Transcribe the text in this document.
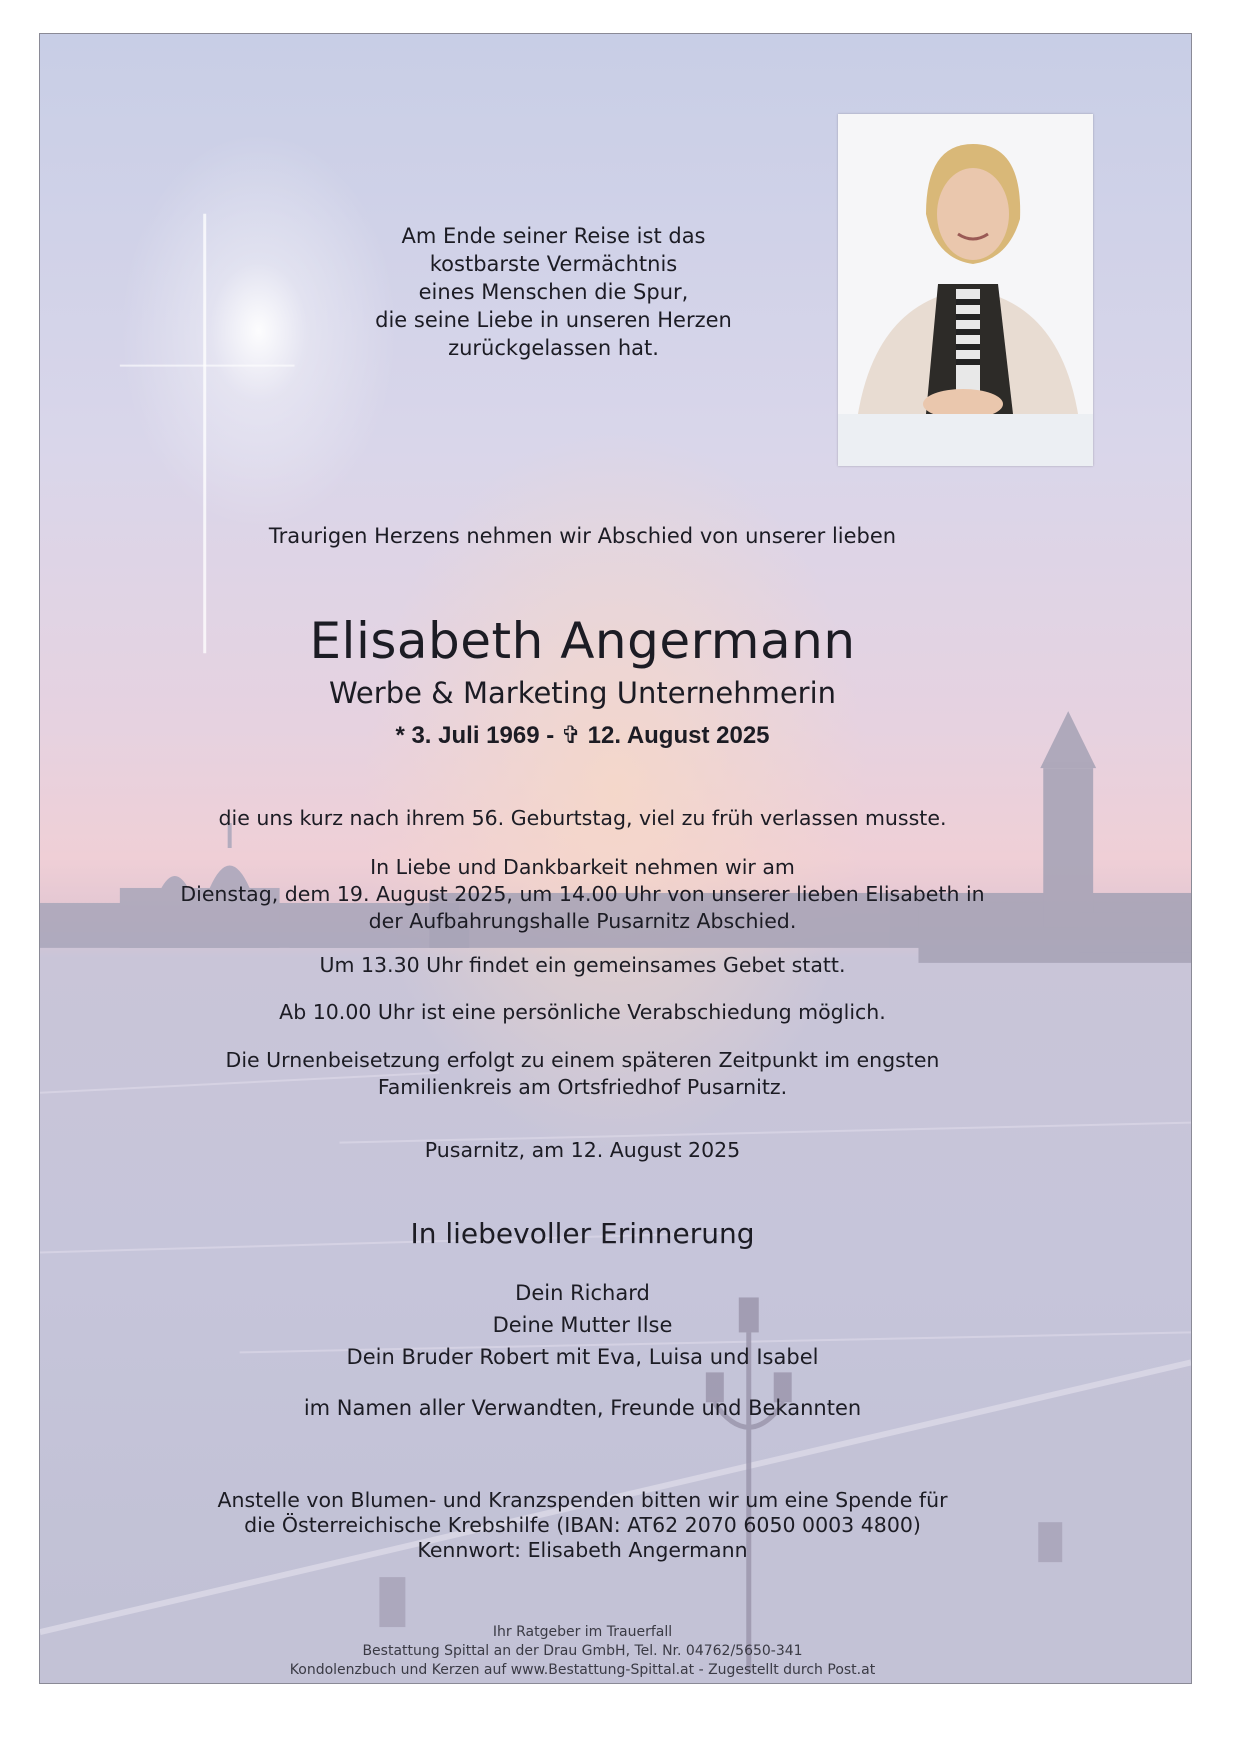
Am Ende seiner Reise ist das
kostbarste Vermächtnis
eines Menschen die Spur,
die seine Liebe in unseren Herzen
zurückgelassen hat.
Traurigen Herzens nehmen wir Abschied von unserer lieben
Elisabeth Angermann
Werbe & Marketing Unternehmerin
* 3. Juli 1969 - ✞ 12. August 2025
die uns kurz nach ihrem 56. Geburtstag, viel zu früh verlassen musste.
In Liebe und Dankbarkeit nehmen wir am
Dienstag, dem 19. August 2025, um 14.00 Uhr von unserer lieben Elisabeth in
der Aufbahrungshalle Pusarnitz Abschied.
Um 13.30 Uhr findet ein gemeinsames Gebet statt.
Ab 10.00 Uhr ist eine persönliche Verabschiedung möglich.
Die Urnenbeisetzung erfolgt zu einem späteren Zeitpunkt im engsten
Familienkreis am Ortsfriedhof Pusarnitz.
Pusarnitz, am 12. August 2025
In liebevoller Erinnerung
Dein Richard
Deine Mutter Ilse
Dein Bruder Robert mit Eva, Luisa und Isabel
im Namen aller Verwandten, Freunde und Bekannten
Anstelle von Blumen- und Kranzspenden bitten wir um eine Spende für
die Österreichische Krebshilfe (IBAN: AT62 2070 6050 0003 4800)
Kennwort: Elisabeth Angermann
Ihr Ratgeber im Trauerfall
Bestattung Spittal an der Drau GmbH, Tel. Nr. 04762/5650-341
Kondolenzbuch und Kerzen auf www.Bestattung-Spittal.at - Zugestellt durch Post.at
